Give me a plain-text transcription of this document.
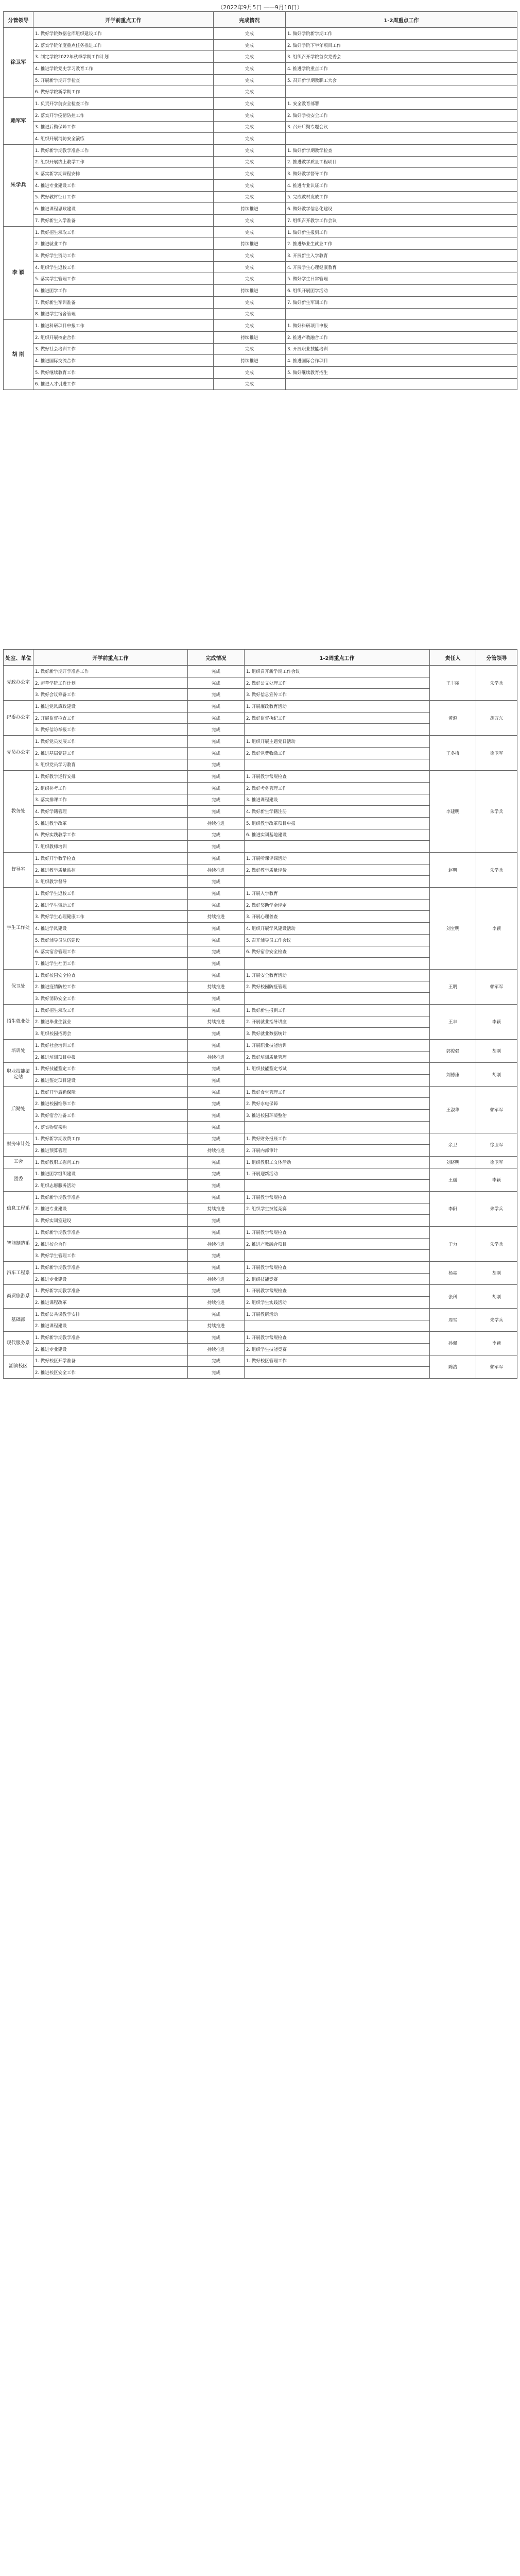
（2022年9月5日 ——9月18日）
分管领导	开学前重点工作	完成情况	1-2周重点工作
徐卫军	1. 做好学院数据仓库组织建设工作	完成	1. 做好学院新学期工作
	2. 落实学院年度重点任务推进工作	完成	2. 做好学院下半年项目工作
	3. 制定学院2022年秋季学期工作计划	完成	3. 组织召开学院首次党委会
	4. 推进学院党史学习教育工作	完成	4. 推进学院重点工作
	5. 开展新学期开学检查	完成	5. 召开新学期教职工大会
	6. 做好学院新学期工作	完成	
赖军军	1. 负责开学前安全检查工作	完成	1. 安全教育部署
	2. 落实开学疫情防控工作	完成	2. 做好学校安全工作
	3. 推进后勤保障工作	完成	3. 召开后勤专题会议
	4. 组织开展消防安全演练	完成	
朱学兵	1. 做好新学期教学准备工作	完成	1. 做好新学期教学检查
	2. 组织开展线上教学工作	完成	2. 推进教学质量工程项目
	3. 落实新学期课程安排	完成	3. 做好教学督导工作
	4. 推进专业建设工作	完成	4. 推进专业认证工作
	5. 做好教材征订工作	完成	5. 完成教材发放工作
	6. 推进课程思政建设	持续推进	6. 做好教学信息化建设
	7. 做好新生入学准备	完成	7. 组织召开教学工作会议
李 颖	1. 做好招生录取工作	完成	1. 做好新生报到工作
	2. 推进就业工作	持续推进	2. 推进毕业生就业工作
	3. 做好学生资助工作	完成	3. 开展新生入学教育
	4. 组织学生返校工作	完成	4. 开展学生心理健康教育
	5. 落实学生管理工作	完成	5. 做好学生日常管理
	6. 推进团学工作	持续推进	6. 组织开展团学活动
	7. 做好新生军训准备	完成	7. 做好新生军训工作
	8. 推进学生宿舍管理	完成	
胡 刚	1. 推进科研项目申报工作	完成	1. 做好科研项目申报
	2. 组织开展校企合作	持续推进	2. 推进产教融合工作
	3. 做好社会培训工作	完成	3. 开展职业技能培训
	4. 推进国际交流合作	持续推进	4. 推进国际合作项目
	5. 做好继续教育工作	完成	5. 做好继续教育招生
	6. 推进人才引进工作	完成	
处室、单位	开学前重点工作	完成情况	1-2周重点工作	责任人	分管领导
党政办公室	1. 做好新学期开学准备工作	完成	1. 组织召开新学期工作会议	王丰丽	朱学兵
	2. 起草学院工作计划	完成	2. 做好公文处理工作		
	3. 做好会议筹备工作	完成	3. 做好信息宣传工作		
纪委办公室	1. 推进党风廉政建设	完成	1. 开展廉政教育活动	黄源	胡万东
	2. 开展监督检查工作	完成	2. 做好监督执纪工作		
	3. 做好信访举报工作	完成			
党员办公室	1. 做好党员发展工作	完成	1. 组织开展主题党日活动	王冬梅	徐卫军
	2. 推进基层党建工作	完成	2. 做好党费收缴工作		
	3. 组织党员学习教育	完成			
教务处	1. 做好教学运行安排	完成	1. 开展教学常规检查	李建明	朱学兵
	2. 组织补考工作	完成	2. 做好考务管理工作		
	3. 落实排课工作	完成	3. 推进课程建设		
	4. 做好学籍管理	完成	4. 做好新生学籍注册		
	5. 推进教学改革	持续推进	5. 组织教学改革项目申报		
	6. 做好实践教学工作	完成	6. 推进实训基地建设		
	7. 组织教师培训	完成			
督导室	1. 做好开学教学检查	完成	1. 开展听课评课活动	赵明	朱学兵
	2. 推进教学质量监控	持续推进	2. 做好教学质量评价		
	3. 组织教学督导	完成			
学生工作处	1. 做好学生返校工作	完成	1. 开展入学教育	刘宝明	李颖
	2. 推进学生资助工作	完成	2. 做好奖助学金评定		
	3. 做好学生心理健康工作	持续推进	3. 开展心理普查		
	4. 推进学风建设	完成	4. 组织开展学风建设活动		
	5. 做好辅导员队伍建设	完成	5. 召开辅导员工作会议		
	6. 落实宿舍管理工作	完成	6. 做好宿舍安全检查		
	7. 推进学生社团工作	完成			
保卫处	1. 做好校园安全检查	完成	1. 开展安全教育活动	王明	赖军军
	2. 推进疫情防控工作	持续推进	2. 做好校园防疫管理		
	3. 做好消防安全工作	完成			
招生就业处	1. 做好招生录取工作	完成	1. 做好新生报到工作	王丰	李颖
	2. 推进毕业生就业	持续推进	2. 开展就业指导讲座		
	3. 组织校园招聘会	完成	3. 做好就业数据统计		
培训处	1. 做好社会培训工作	完成	1. 开展职业技能培训	郭俊强	胡刚
	2. 推进培训项目申报	持续推进	2. 做好培训质量管理		
职业技能鉴定站	1. 做好技能鉴定工作	完成	1. 组织技能鉴定考试	刘德康	胡刚
	2. 推进鉴定项目建设	完成			
后勤处	1. 做好开学后勤保障	完成	1. 做好食堂管理工作	王淑华	赖军军
	2. 推进校园维修工作	完成	2. 做好水电保障		
	3. 做好宿舍准备工作	完成	3. 推进校园环境整治		
	4. 落实物资采购	完成			
财务审计处	1. 做好新学期收费工作	完成	1. 做好财务报账工作	余卫	徐卫军
	2. 推进预算管理	持续推进	2. 开展内部审计		
工会	1. 做好教职工慰问工作	完成	1. 组织教职工文体活动	刘晓明	徐卫军
团委	1. 推进团学组织建设	完成	1. 开展迎新活动	王丽	李颖
	2. 组织志愿服务活动	完成			
信息工程系	1. 做好新学期教学准备	完成	1. 开展教学常规检查	李阳	朱学兵
	2. 推进专业建设	持续推进	2. 组织学生技能竞赛		
	3. 做好实训室建设	完成			
智能制造系	1. 做好新学期教学准备	完成	1. 开展教学常规检查	于力	朱学兵
	2. 推进校企合作	持续推进	2. 推进产教融合项目		
	3. 做好学生管理工作	完成			
汽车工程系	1. 做好新学期教学准备	完成	1. 开展教学常规检查	杨亮	胡刚
	2. 推进专业建设	持续推进	2. 组织技能竞赛		
商贸旅游系	1. 做好新学期教学准备	完成	1. 开展教学常规检查	张科	胡刚
	2. 推进课程改革	持续推进	2. 组织学生实践活动		
基础部	1. 做好公共课教学安排	完成	1. 开展教研活动	周雪	朱学兵
	2. 推进课程建设	持续推进			
现代服务系	1. 做好新学期教学准备	完成	1. 开展教学常规检查	孙佩	李颖
	2. 推进专业建设	持续推进	2. 组织学生技能竞赛		
湖滨校区	1. 做好校区开学准备	完成	1. 做好校区管理工作	陈浩	赖军军
	2. 推进校区安全工作	完成			
